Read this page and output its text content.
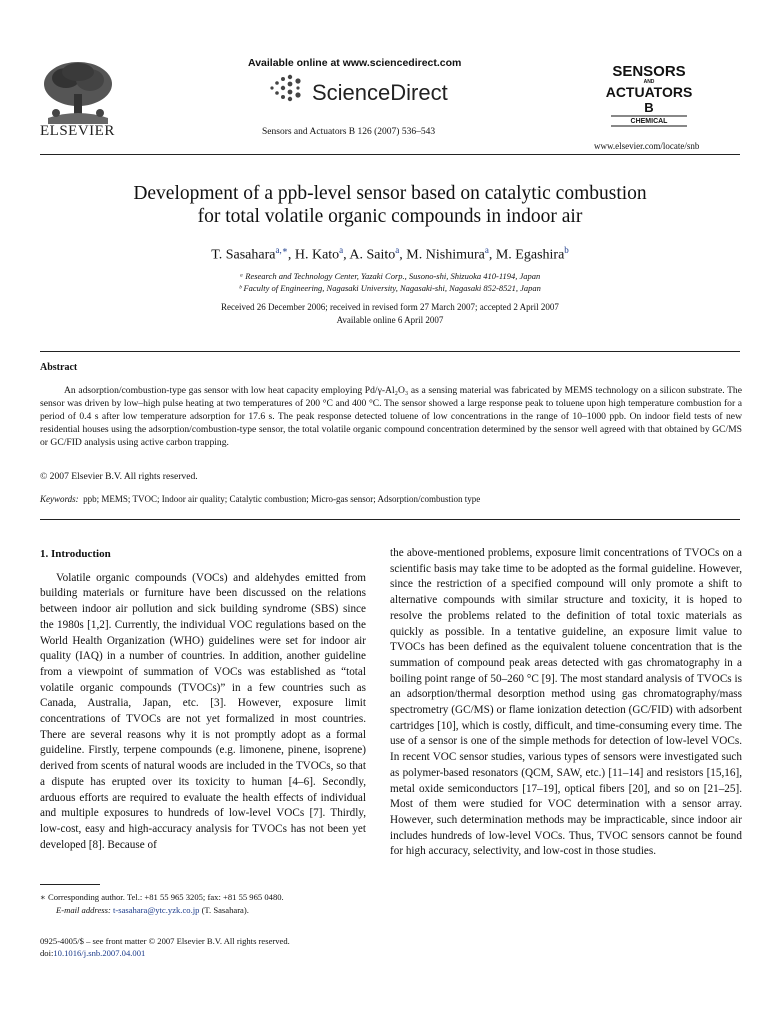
ELSEVIER
Available online at www.sciencedirect.com
ScienceDirect
Sensors and Actuators B 126 (2007) 536–543
SENSORS
AND
ACTUATORS
B
CHEMICAL
www.elsevier.com/locate/snb
Development of a ppb-level sensor based on catalytic combustion
for total volatile organic compounds in indoor air
T. Sasahara$^{a,∗}$, H. Kato$^a$, A. Saito$^a$, M. Nishimura$^a$, M. Egashira$^b$
ᵃ Research and Technology Center, Yazaki Corp., Susono-shi, Shizuoka 410-1194, Japan
ᵇ Faculty of Engineering, Nagasaki University, Nagasaki-shi, Nagasaki 852-8521, Japan
Received 26 December 2006; received in revised form 27 March 2007; accepted 2 April 2007
Available online 6 April 2007
Abstract
An adsorption/combustion-type gas sensor with low heat capacity employing Pd/γ-Al₂O₃ as a sensing material was fabricated by MEMS technology on a silicon substrate. The sensor was driven by low–high pulse heating at two temperatures of 200 °C and 400 °C. The sensor showed a large response peak to toluene upon high temperature combustion for a period of 0.4 s after low temperature adsorption for 17.6 s. The peak response detected toluene of low concentrations in the range of 10–1000 ppb. On indoor field tests of new residential houses using the adsorption/combustion-type sensor, the total volatile organic compound concentration determined by the sensor well agreed with that obtained by GC/MS or GC/FID analysis using active carbon trapping.
© 2007 Elsevier B.V. All rights reserved.
Keywords: ppb; MEMS; TVOC; Indoor air quality; Catalytic combustion; Micro-gas sensor; Adsorption/combustion type

1. Introduction

Volatile organic compounds (VOCs) and aldehydes emitted from building materials or furniture have been discussed on the relations between indoor air pollution and sick building syndrome (SBS) since the 1980s [1,2]. Currently, the individual VOC regulations based on the World Health Organization (WHO) guidelines were set for indoor air quality (IAQ) in a number of countries. In addition, another guideline from a viewpoint of summation of VOCs was established as “total volatile organic compounds (TVOCs)” in a few countries such as Canada, Australia, Japan, etc. [3]. However, exposure limit concentrations of TVOCs are not yet formalized in most countries. There are several reasons why it is not promptly adopt as a formal guideline. Firstly, terpene compounds (e.g. limonene, pinene, isoprene) derived from scents of natural woods are included in the TVOCs, so that a dispute has erupted over its toxicity to human [4–6]. Secondly, arduous efforts are required to evaluate the health effects of individual and multiple exposures to hundreds of low-level VOCs [7]. Thirdly, low-cost, easy and high-accuracy analysis for TVOCs has not been yet developed [8]. Because of

the above-mentioned problems, exposure limit concentrations of TVOCs on a scientific basis may take time to be adopted as the formal guideline. However, since the restriction of a specified compound will only promote a shift to alternative compounds with similar structure and toxicity, it is hoped to resolve the problems related to the definition of total toxic materials as quickly as possible. In a tentative guideline, an exposure limit value to TVOCs has been defined as the equivalent toluene concentration that is the summation of compound peak areas detected with gas chromatography in a boiling point range of 50–260 °C [9]. The most standard analysis of TVOCs is an adsorption/thermal desorption method using gas chromatography/mass spectrometry (GC/MS) or flame ionization detection (GC/FID) with adsorbent cartridges [10], which is costly, difficult, and time-consuming every time. The use of a sensor is one of the simple methods for detection of low-level VOCs. In recent VOC sensor studies, various types of sensors were investigated such as polymer-based resonators (QCM, SAW, etc.) [11–14] and resistors [15,16], metal oxide semiconductors [17–19], optical fibers [20], and so on [21–25]. Most of them were studied for VOC determination with a sensor array. However, such determination methods may be impracticable, since indoor air includes hundreds of low-level VOCs. Thus, TVOC sensors cannot be found for high accuracy, selectivity, and low-cost in those studies.

∗ Corresponding author. Tel.: +81 55 965 3205; fax: +81 55 965 0480.
E-mail address: t-sasahara@ytc.yzk.co.jp (T. Sasahara).
0925-4005/$ – see front matter © 2007 Elsevier B.V. All rights reserved.
doi:10.1016/j.snb.2007.04.001
